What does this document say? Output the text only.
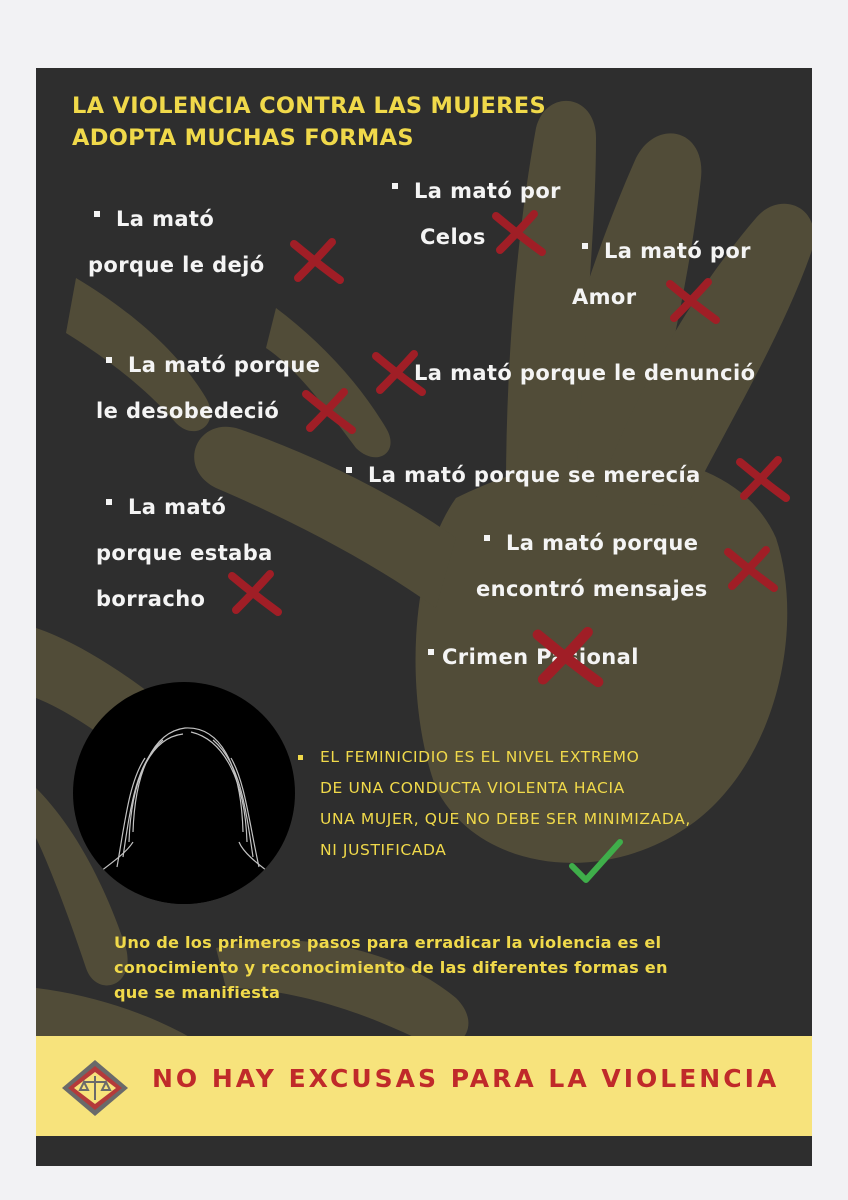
LA VIOLENCIA CONTRA LAS MUJERES
ADOPTA MUCHAS FORMAS
La mató
porque le dejó
La mató por
Celos
La mató por
Amor
La mató porque
le desobedeció
La mató porque le denunció
La mató porque se merecía
La mató
porque estaba
borracho
La mató porque
encontró mensajes
Crimen Pasional
EL FEMINICIDIO ES EL NIVEL EXTREMO
DE UNA CONDUCTA VIOLENTA HACIA
UNA MUJER, QUE NO DEBE SER MINIMIZADA,
NI JUSTIFICADA
Uno de los primeros pasos para erradicar la violencia es el
conocimiento y reconocimiento de las diferentes formas en
que se manifiesta
NO HAY EXCUSAS PARA LA VIOLENCIA
